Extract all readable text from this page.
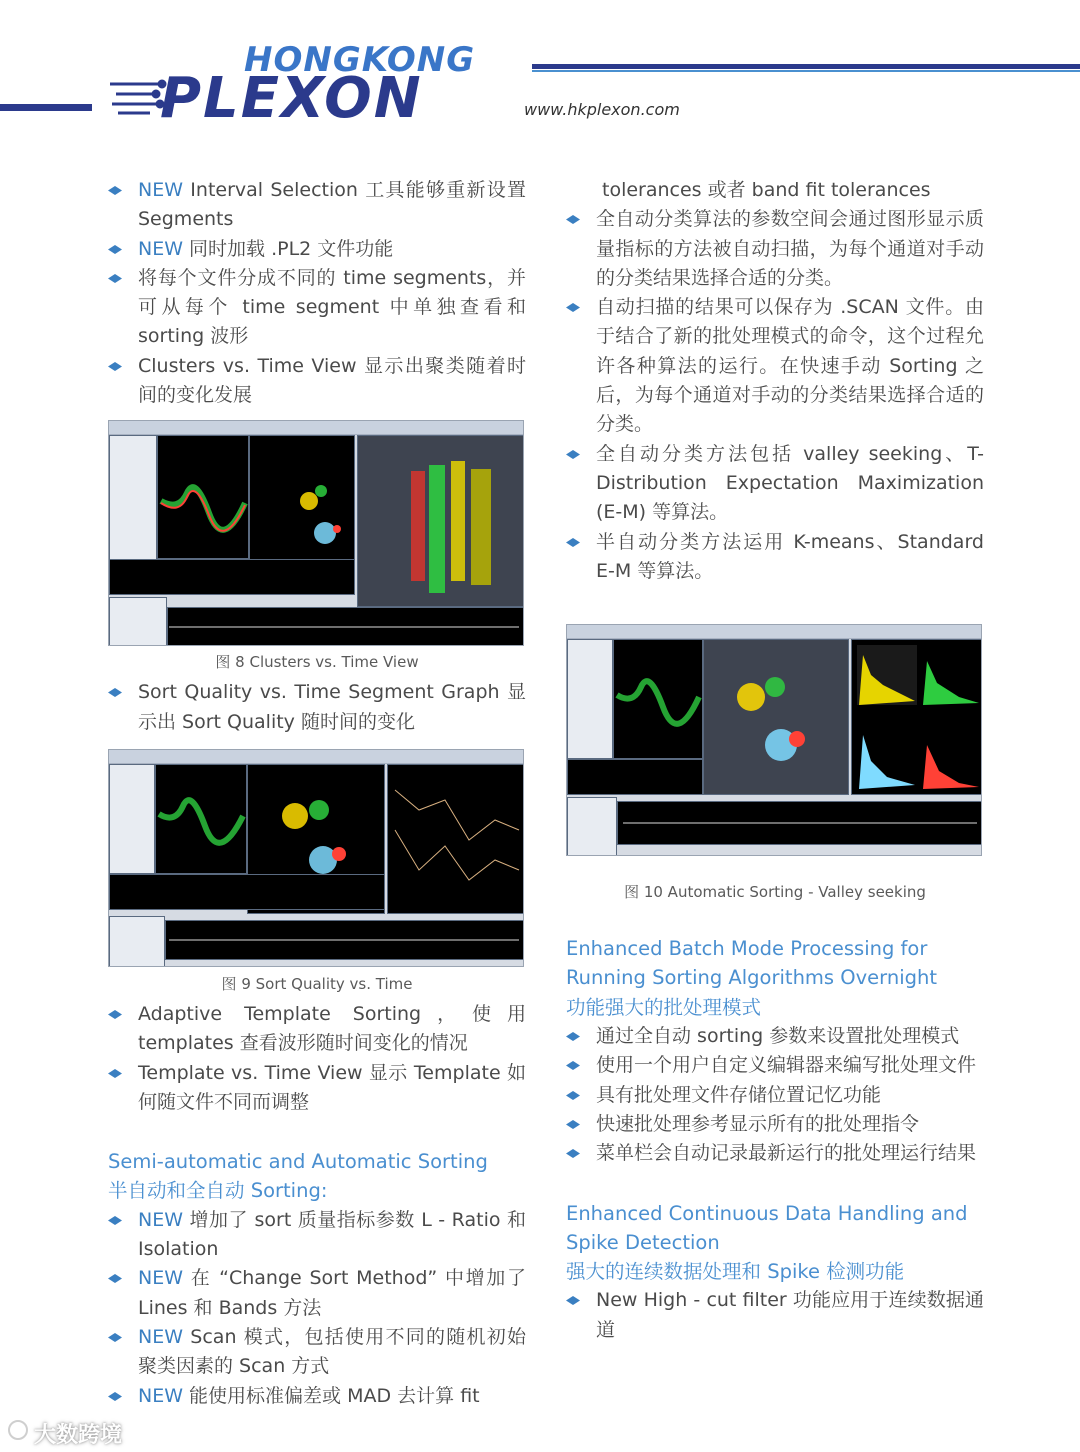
HONGKONG
PLEXON	www.hkplexon.com
NEW Interval Selection 工具能够重新设置 Segments
NEW 同时加载 .PL2 文件功能
将每个文件分成不同的 time segments，并可从每个 time segment 中单独查看和 sorting 波形
Clusters vs. Time View 显示出聚类随着时间的变化发展
图 8 Clusters vs. Time View
Sort Quality vs. Time Segment Graph 显示出 Sort Quality 随时间的变化
图 9 Sort Quality vs. Time
Adaptive Template Sorting，使用 templates 查看波形随时间变化的情况
Template vs. Time View 显示 Template 如何随文件不同而调整
Semi-automatic and Automatic Sorting
半自动和全自动 Sorting:
NEW 增加了 sort 质量指标参数 L - Ratio 和 Isolation
NEW 在 “Change Sort Method” 中增加了 Lines 和 Bands 方法
NEW Scan 模式，包括使用不同的随机初始聚类因素的 Scan 方式
NEW 能使用标准偏差或 MAD 去计算 fit
tolerances 或者 band fit tolerances
全自动分类算法的参数空间会通过图形显示质量指标的方法被自动扫描，为每个通道对手动的分类结果选择合适的分类。
自动扫描的结果可以保存为 .SCAN 文件。由于结合了新的批处理模式的命令，这个过程允许各种算法的运行。在快速手动 Sorting 之后，为每个通道对手动的分类结果选择合适的分类。
全自动分类方法包括 valley seeking、T-Distribution Expectation Maximization (E-M) 等算法。
半自动分类方法运用 K-means、Standard E-M 等算法。
图 10 Automatic Sorting - Valley seeking
Enhanced Batch Mode Processing for Running Sorting Algorithms Overnight
功能强大的批处理模式
通过全自动 sorting 参数来设置批处理模式
使用一个用户自定义编辑器来编写批处理文件
具有批处理文件存储位置记忆功能
快速批处理参考显示所有的批处理指令
菜单栏会自动记录最新运行的批处理运行结果
Enhanced Continuous Data Handling and Spike Detection
强大的连续数据处理和 Spike 检测功能
New High - cut filter 功能应用于连续数据通道
大数跨境
